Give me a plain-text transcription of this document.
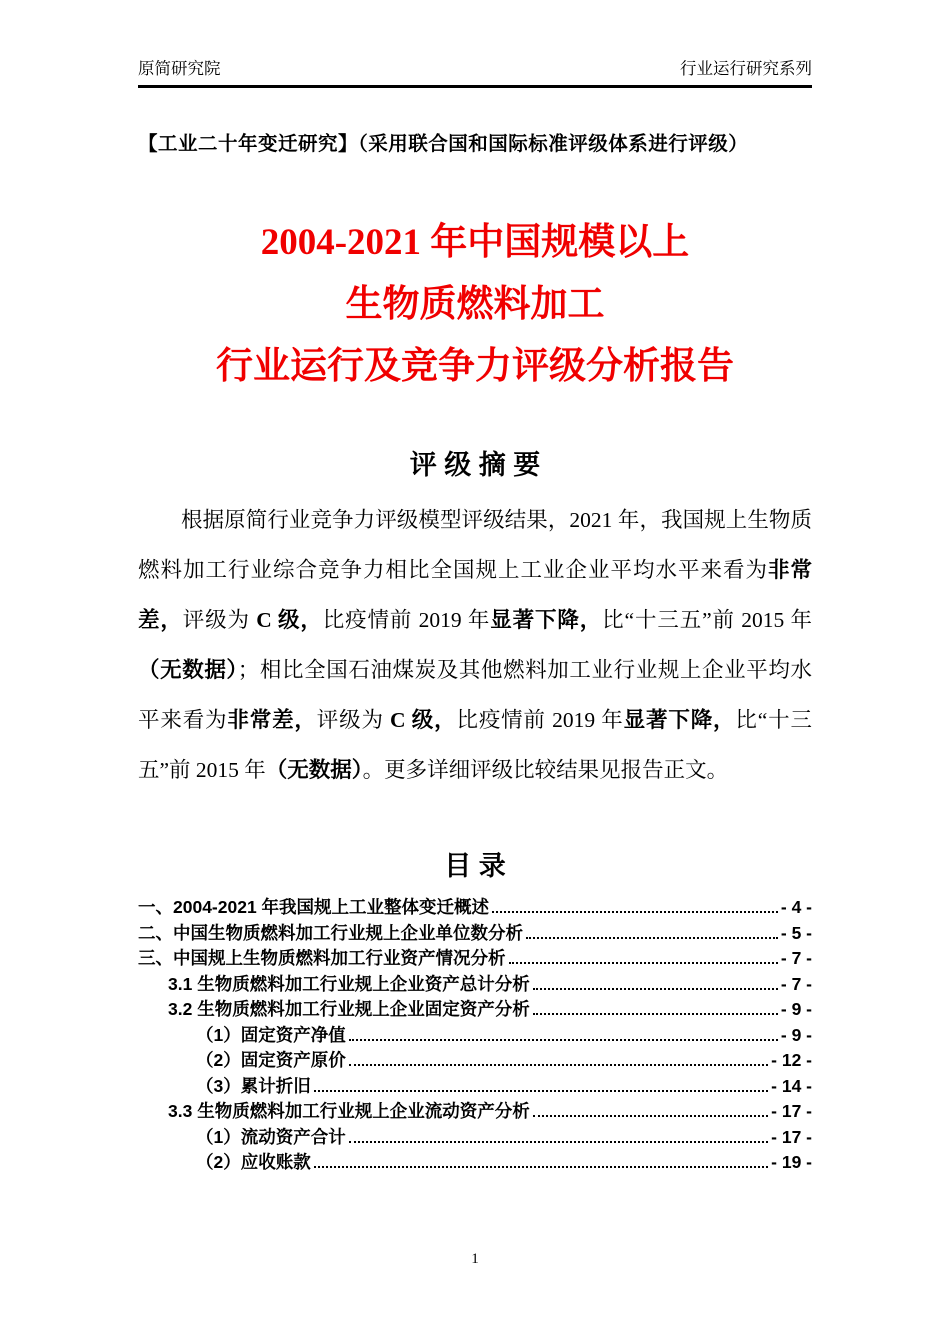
原简研究院	行业运行研究系列
【工业二十年变迁研究】（采用联合国和国际标准评级体系进行评级）
2004-2021 年中国规模以上
生物质燃料加工
行业运行及竞争力评级分析报告
评 级 摘 要
根据原简行业竞争力评级模型评级结果，2021 年，我国规上生物质燃料加工行业综合竞争力相比全国规上工业企业平均水平来看为非常差，评级为 C 级，比疫情前 2019 年显著下降，比“十三五”前 2015 年（无数据）；相比全国石油煤炭及其他燃料加工业行业规上企业平均水平来看为非常差，评级为 C 级，比疫情前 2019 年显著下降，比“十三五”前 2015 年（无数据）。更多详细评级比较结果见报告正文。
目 录
一、2004-2021 年我国规上工业整体变迁概述	- 4 -
二、中国生物质燃料加工行业规上企业单位数分析	- 5 -
三、中国规上生物质燃料加工行业资产情况分析	- 7 -
3.1 生物质燃料加工行业规上企业资产总计分析	- 7 -
3.2 生物质燃料加工行业规上企业固定资产分析	- 9 -
（1）固定资产净值	- 9 -
（2）固定资产原价	- 12 -
（3）累计折旧	- 14 -
3.3 生物质燃料加工行业规上企业流动资产分析	- 17 -
（1）流动资产合计	- 17 -
（2）应收账款	- 19 -
1
